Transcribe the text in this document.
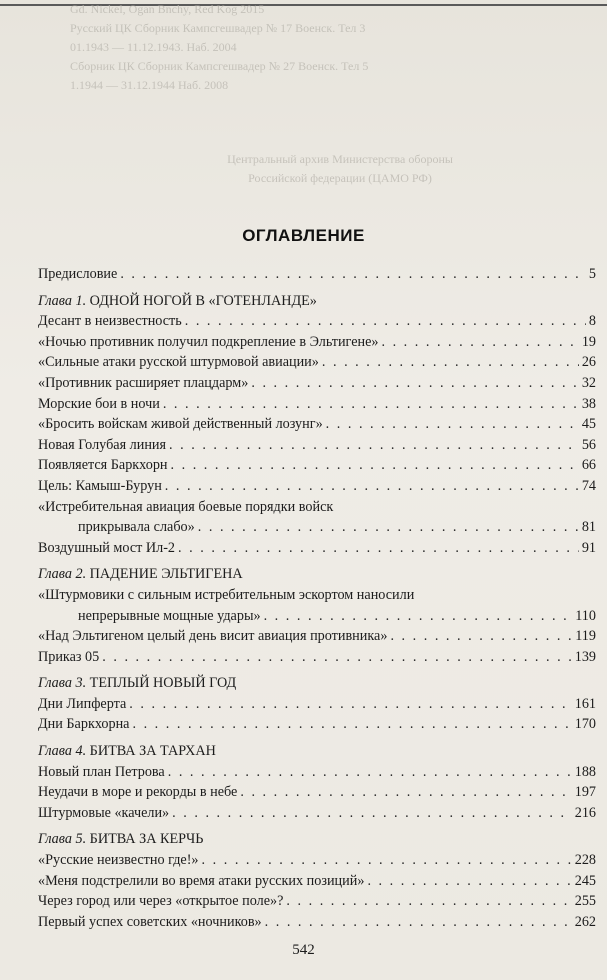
Gd. Nickel, Ogan Bnchy, Red Kog 2015
Русский ЦК Сборник Кампсгешвадер № 17 Военск. Тел 3
01.1943 — 11.12.1943. Наб. 2004
Сборник ЦК Сборник Кампсгешвадер № 27 Военск. Тел 5
1.1944 — 31.12.1944 Наб. 2008
Центральный архив Министерства обороны
Российской федерации (ЦАМО РФ)
ОГЛАВЛЕНИЕ
Предисловие . . .	5
Глава 1.
ОДНОЙ НОГОЙ В «ГОТЕНЛАНДЕ»
Десант в неизвестность . . .	8
«Ночью противник получил подкрепление в Эльтигене» . . .	19
«Сильные атаки русской штурмовой авиации» . . .	26
«Противник расширяет плацдарм» . . .	32
Морские бои в ночи . . .	38
«Бросить войскам живой действенный лозунг» . . .	45
Новая Голубая линия . . .	56
Появляется Баркхорн . . .	66
Цель: Камыш-Бурун . . .	74
«Истребительная авиация боевые порядки войск
прикрывала слабо» . . .	81
Воздушный мост Ил-2 . . .	91
Глава 2.
ПАДЕНИЕ ЭЛЬТИГЕНА
«Штурмовики с сильным истребительным эскортом наносили
непрерывные мощные удары» . . .	110
«Над Эльтигеном целый день висит авиация противника» . . .	119
Приказ 05 . . .	139
Глава 3.
ТЕПЛЫЙ НОВЫЙ ГОД
Дни Липферта . . .	161
Дни Баркхорна . . .	170
Глава 4.
БИТВА ЗА ТАРХАН
Новый план Петрова . . .	188
Неудачи в море и рекорды в небе . . .	197
Штурмовые «качели» . . .	216
Глава 5.
БИТВА ЗА КЕРЧЬ
«Русские неизвестно где!» . . .	228
«Меня подстрелили во время атаки русских позиций» . . .	245
Через город или через «открытое поле»? . . .	255
Первый успех советских «ночников» . . .	262
542
